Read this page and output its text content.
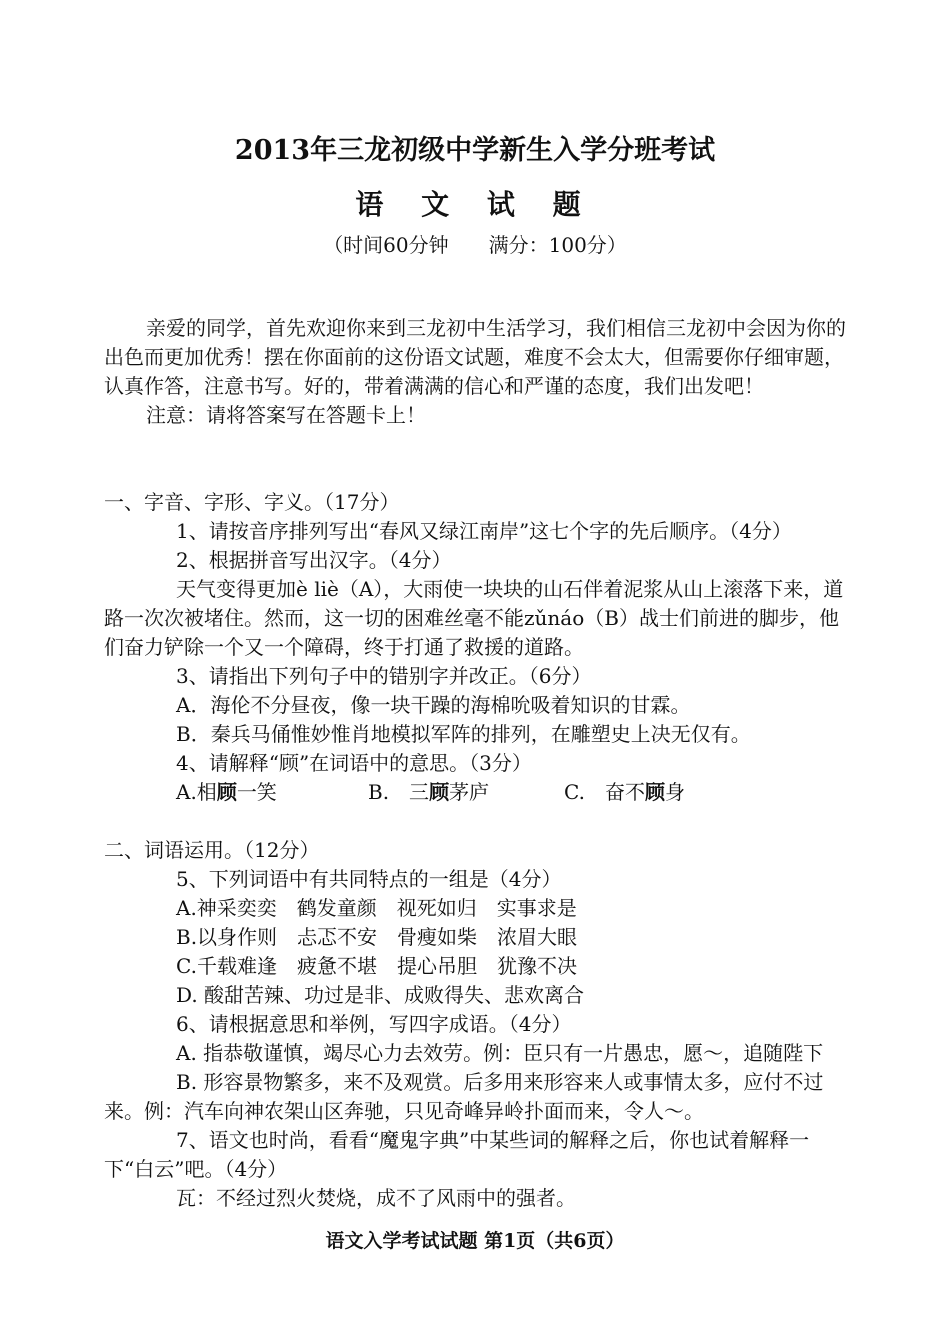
2013年三龙初级中学新生入学分班考试
语 文 试 题
（时间60分钟　　满分：100分）

亲爱的同学，首先欢迎你来到三龙初中生活学习，我们相信三龙初中会因为你的出色而更加优秀！摆在你面前的这份语文试题，难度不会太大，但需要你仔细审题，认真作答，注意书写。好的，带着满满的信心和严谨的态度，我们出发吧！

注意：请将答案写在答题卡上！

一、字音、字形、字义。（17分）

1、请按音序排列写出“春风又绿江南岸”这七个字的先后顺序。（4分）

2、根据拼音写出汉字。（4分）

天气变得更加è liè（A），大雨使一块块的山石伴着泥浆从山上滚落下来，道路一次次被堵住。然而，这一切的困难丝毫不能zǔnáo（B）战士们前进的脚步，他们奋力铲除一个又一个障碍，终于打通了救援的道路。

3、请指出下列句子中的错别字并改正。（6分）

A．海伦不分昼夜，像一块干躁的海棉吮吸着知识的甘霖。

B．秦兵马俑惟妙惟肖地模拟军阵的排列，在雕塑史上决无仅有。

4、请解释“顾”在词语中的意思。（3分）

A.相顾一笑	B.　三顾茅庐	C.　奋不顾身

二、词语运用。（12分）

5、下列词语中有共同特点的一组是（4分）

A.神采奕奕　鹤发童颜　视死如归　实事求是

B.以身作则　忐忑不安　骨瘦如柴　浓眉大眼

C.千载难逢　疲惫不堪　提心吊胆　犹豫不决

D. 酸甜苦辣、功过是非、成败得失、悲欢离合

6、请根据意思和举例，写四字成语。（4分）

A. 指恭敬谨慎，竭尽心力去效劳。例：臣只有一片愚忠，愿～，追随陛下

B. 形容景物繁多，来不及观赏。后多用来形容来人或事情太多，应付不过来。例：汽车向神农架山区奔驰，只见奇峰异岭扑面而来，令人～。

7、语文也时尚，看看“魔鬼字典”中某些词的解释之后，你也试着解释一下“白云”吧。（4分）

瓦：不经过烈火焚烧，成不了风雨中的强者。

语文入学考试试题 第1页（共6页）
